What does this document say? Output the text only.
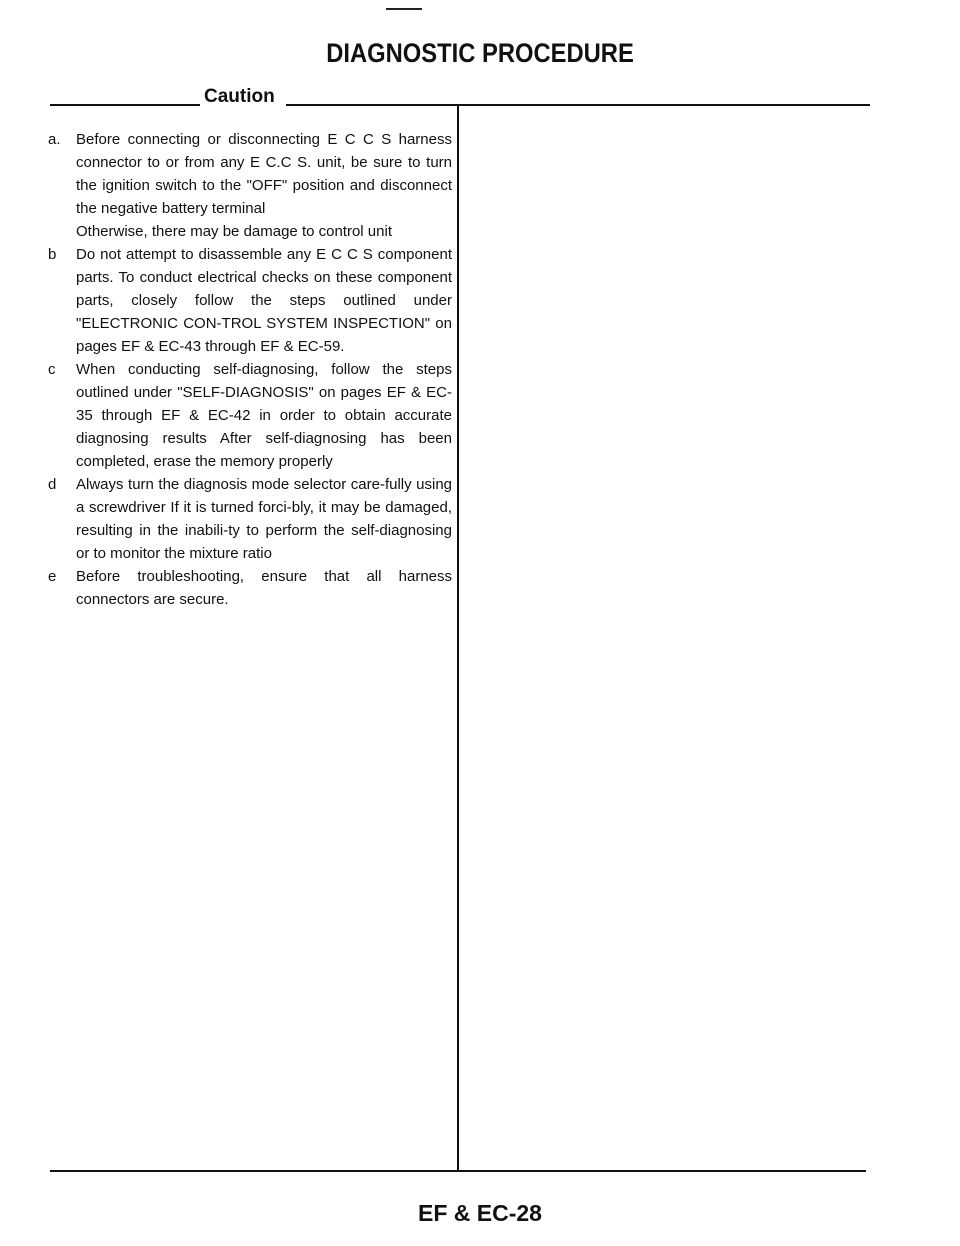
DIAGNOSTIC PROCEDURE
Caution
a. Before connecting or disconnecting E C C S harness connector to or from any E C.C S. unit, be sure to turn the ignition switch to the "OFF" position and disconnect the negative battery terminal

Otherwise, there may be damage to control unit

b Do not attempt to disassemble any E C C S component parts. To conduct electrical checks on these component parts, closely follow the steps outlined under "ELECTRONIC CON-TROL SYSTEM INSPECTION" on pages EF & EC-43 through EF & EC-59.

c When conducting self-diagnosing, follow the steps outlined under "SELF-DIAGNOSIS" on pages EF & EC-35 through EF & EC-42 in order to obtain accurate diagnosing results After self-diagnosing has been completed, erase the memory properly

d Always turn the diagnosis mode selector care-fully using a screwdriver If it is turned forci-bly, it may be damaged, resulting in the inabili-ty to perform the self-diagnosing or to monitor the mixture ratio

e Before troubleshooting, ensure that all harness connectors are secure.

EF & EC-28
